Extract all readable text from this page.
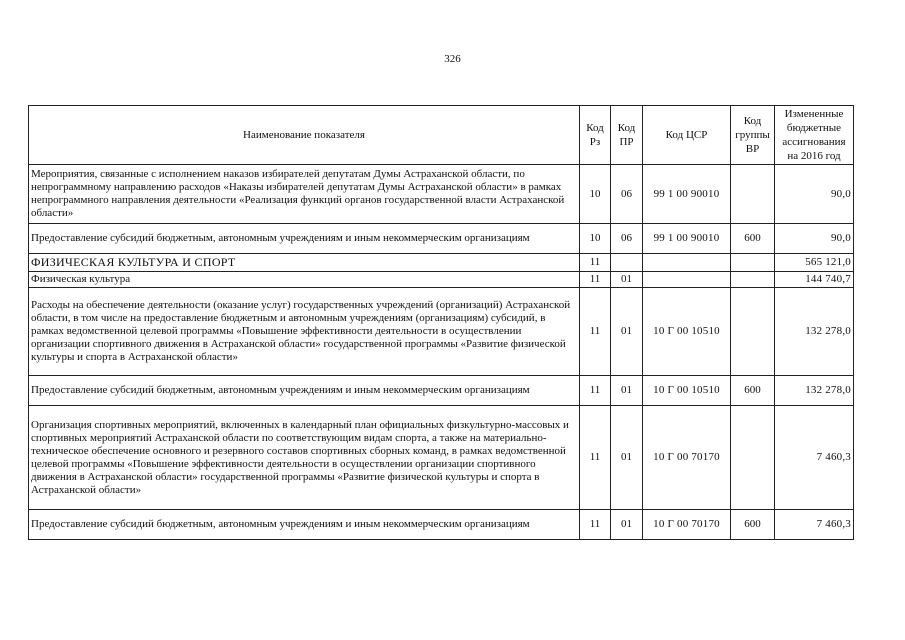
326
Наименование показателя	Код Рз	Код ПР	Код ЦСР	Код группы ВР	Измененные бюджетные ассигнования на 2016 год
Мероприятия, связанные с исполнением наказов избирателей депутатам Думы Астраханской области, по непрограммному направлению расходов «Наказы избирателей депутатам Думы Астраханской области» в рамках непрограммного направления деятельности «Реализация функций органов государственной власти Астраханской области»	10	06	99 1 00 90010		90,0
Предоставление субсидий бюджетным, автономным учреждениям и иным некоммерческим организациям	10	06	99 1 00 90010	600	90,0
ФИЗИЧЕСКАЯ КУЛЬТУРА И СПОРТ	11				565 121,0
Физическая культура	11	01			144 740,7
Расходы на обеспечение деятельности (оказание услуг) государственных учреждений (организаций) Астраханской области, в том числе на предоставление бюджетным и автономным учреждениям (организациям) субсидий, в рамках ведомственной целевой программы «Повышение эффективности деятельности в осуществлении организации спортивного движения в Астраханской области» государственной программы «Развитие физической культуры и спорта в Астраханской области»	11	01	10 Г 00 10510		132 278,0
Предоставление субсидий бюджетным, автономным учреждениям и иным некоммерческим организациям	11	01	10 Г 00 10510	600	132 278,0
Организация спортивных мероприятий, включенных в календарный план официальных физкультурно-массовых и спортивных мероприятий Астраханской области по соответствующим видам спорта, а также на материально-техническое обеспечение основного и резервного составов спортивных сборных команд, в рамках ведомственной целевой программы «Повышение эффективности деятельности в осуществлении организации спортивного движения в Астраханской области» государственной программы «Развитие физической культуры и спорта в Астраханской области»	11	01	10 Г 00 70170		7 460,3
Предоставление субсидий бюджетным, автономным учреждениям и иным некоммерческим организациям	11	01	10 Г 00 70170	600	7 460,3
